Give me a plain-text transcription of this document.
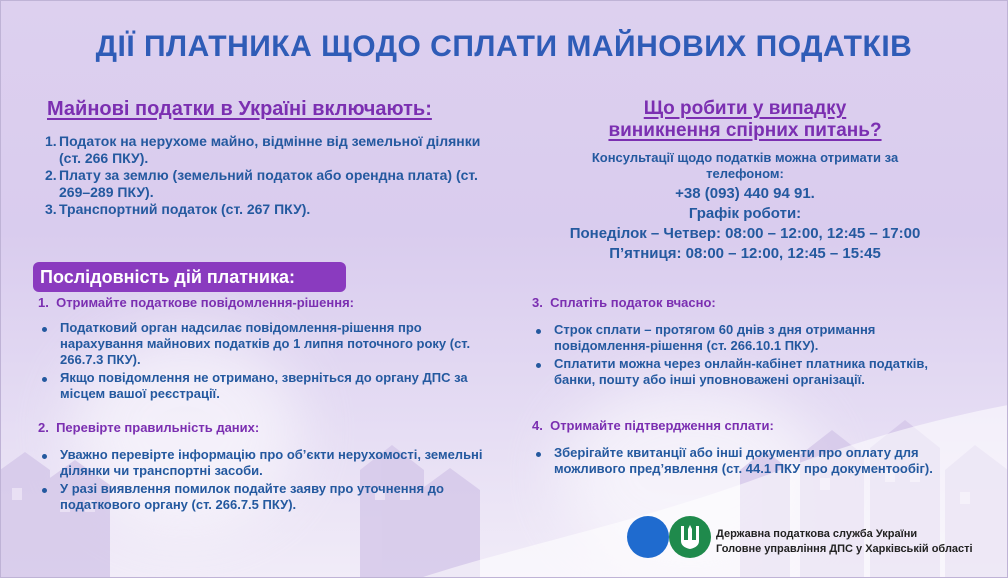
ДІЇ ПЛАТНИКА ЩОДО СПЛАТИ МАЙНОВИХ ПОДАТКІВ
Майнові податки в Україні включають:
1. Податок на нерухоме майно, відмінне від земельної ділянки (ст. 266 ПКУ).
2. Плату за землю (земельний податок або орендна плата) (ст. 269–289 ПКУ).
3. Транспортний податок (ст. 267 ПКУ).
Що робити у випадку
виникнення спірних питань?
Консультації щодо податків можна отримати за телефоном:
+38 (093) 440 94 91.
Графік роботи:
Понеділок – Четвер: 08:00 – 12:00, 12:45 – 17:00
П’ятниця: 08:00 – 12:00, 12:45 – 15:45
Послідовність дій платника:
1. Отримайте податкове повідомлення-рішення:
Податковий орган надсилає повідомлення-рішення про нарахування майнових податків до 1 липня поточного року (ст. 266.7.3 ПКУ).
Якщо повідомлення не отримано, зверніться до органу ДПС за місцем вашої реєстрації.
2. Перевірте правильність даних:
Уважно перевірте інформацію про об’єкти нерухомості, земельні ділянки чи транспортні засоби.
У разі виявлення помилок подайте заяву про уточнення до податкового органу (ст. 266.7.5 ПКУ).
3. Сплатіть податок вчасно:
Строк сплати – протягом 60 днів з дня отримання повідомлення-рішення (ст. 266.10.1 ПКУ).
Сплатити можна через онлайн-кабінет платника податків, банки, пошту або інші уповноважені організації.
4. Отримайте підтвердження сплати:
Зберігайте квитанції або інші документи про оплату для можливого пред’явлення (ст. 44.1 ПКУ про документообіг).
Державна податкова служба України
Головне управління ДПС у Харківській області
